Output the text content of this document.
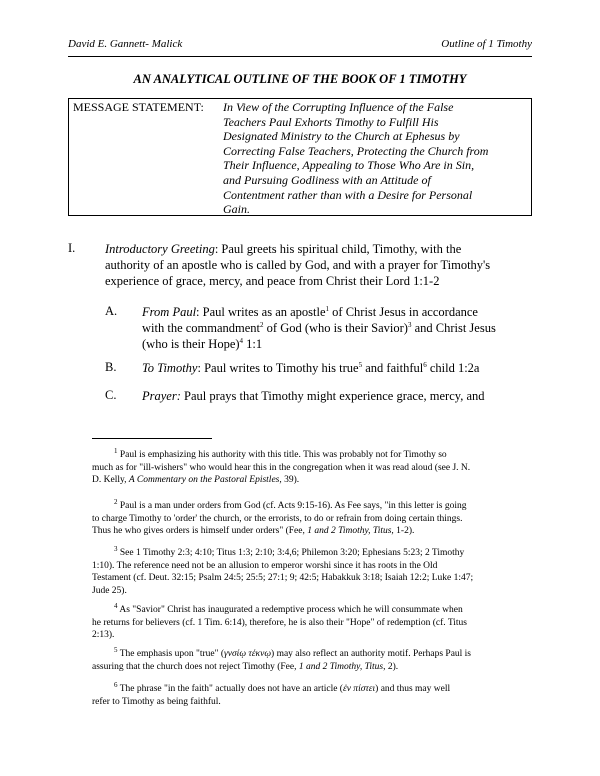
David E. Gannett- Malick	Outline of 1 Timothy
AN ANALYTICAL OUTLINE OF THE BOOK OF 1 TIMOTHY
MESSAGE STATEMENT: In View of the Corrupting Influence of the False
Teachers Paul Exhorts Timothy to Fulfill His
Designated Ministry to the Church at Ephesus by
Correcting False Teachers, Protecting the Church from
Their Influence, Appealing to Those Who Are in Sin,
and Pursuing Godliness with an Attitude of
Contentment rather than with a Desire for Personal
Gain.
I. Introductory Greeting: Paul greets his spiritual child, Timothy, with the
authority of an apostle who is called by God, and with a prayer for Timothy's
experience of grace, mercy, and peace from Christ their Lord 1:1-2
A. From Paul: Paul writes as an apostle$^1$ of Christ Jesus in accordance
with the commandment$^2$ of God (who is their Savior)$^3$ and Christ Jesus
(who is their Hope)$^4$ 1:1
B. To Timothy: Paul writes to Timothy his true$^5$ and faithful$^6$ child 1:2a
C. Prayer: Paul prays that Timothy might experience grace, mercy, and
$^1$ Paul is emphasizing his authority with this title. This was probably not for Timothy so
much as for "ill-wishers" who would hear this in the congregation when it was read aloud (see J. N.
D. Kelly, A Commentary on the Pastoral Epistles, 39).
$^2$ Paul is a man under orders from God (cf. Acts 9:15-16). As Fee says, "in this letter is going
to charge Timothy to 'order' the church, or the errorists, to do or refrain from doing certain things.
Thus he who gives orders is himself under orders" (Fee, 1 and 2 Timothy, Titus, 1-2).
$^3$ See 1 Timothy 2:3; 4:10; Titus 1:3; 2:10; 3:4,6; Philemon 3:20; Ephesians 5:23; 2 Timothy
1:10). The reference need not be an allusion to emperor worshi since it has roots in the Old
Testament (cf. Deut. 32:15; Psalm 24:5; 25:5; 27:1; 9; 42:5; Habakkuk 3:18; Isaiah 12:2; Luke 1:47;
Jude 25).
$^4$ As "Savior" Christ has inaugurated a redemptive process which he will consummate when
he returns for believers (cf. 1 Tim. 6:14), therefore, he is also their "Hope" of redemption (cf. Titus
2:13).
$^5$ The emphasis upon "true" (γνσίῳ τέκνῳ) may also reflect an authority motif. Perhaps Paul is
assuring that the church does not reject Timothy (Fee, 1 and 2 Timothy, Titus, 2).
$^6$ The phrase "in the faith" actually does not have an article (ἐν πίστει) and thus may well
refer to Timothy as being faithful.
